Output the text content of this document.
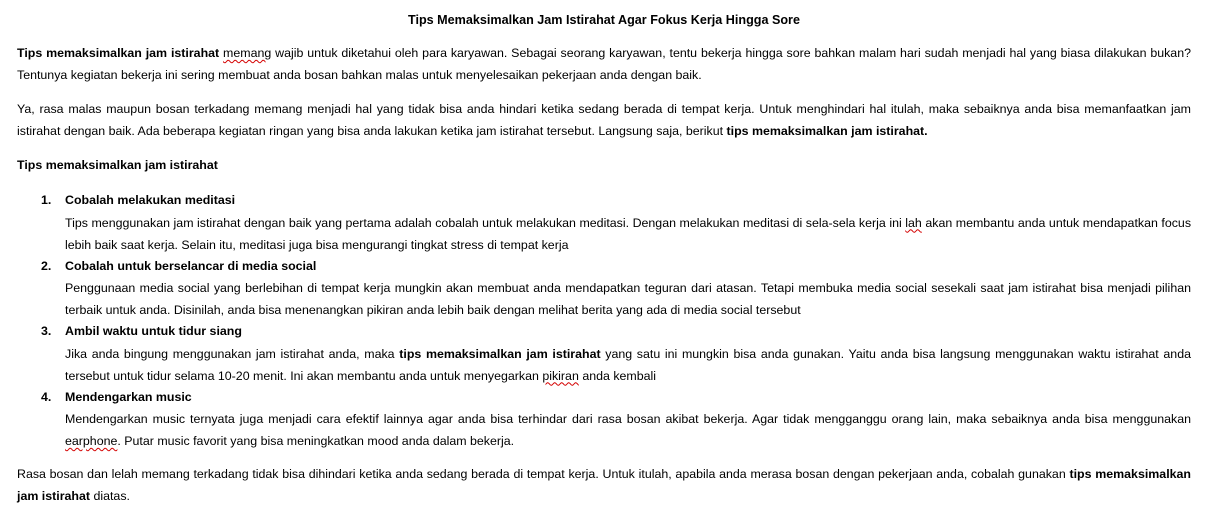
Tips Memaksimalkan Jam Istirahat Agar Fokus Kerja Hingga Sore

Tips memaksimalkan jam istirahat memang wajib untuk diketahui oleh para karyawan. Sebagai seorang karyawan, tentu bekerja hingga sore bahkan malam hari sudah menjadi hal yang biasa dilakukan bukan? Tentunya kegiatan bekerja ini sering membuat anda bosan bahkan malas untuk menyelesaikan pekerjaan anda dengan baik.

Ya, rasa malas maupun bosan terkadang memang menjadi hal yang tidak bisa anda hindari ketika sedang berada di tempat kerja. Untuk menghindari hal itulah, maka sebaiknya anda bisa memanfaatkan jam istirahat dengan baik. Ada beberapa kegiatan ringan yang bisa anda lakukan ketika jam istirahat tersebut. Langsung saja, berikut tips memaksimalkan jam istirahat.

Tips memaksimalkan jam istirahat

1. Cobalah melakukan meditasi
Tips menggunakan jam istirahat dengan baik yang pertama adalah cobalah untuk melakukan meditasi. Dengan melakukan meditasi di sela-sela kerja ini lah akan membantu anda untuk mendapatkan focus lebih baik saat kerja. Selain itu, meditasi juga bisa mengurangi tingkat stress di tempat kerja
2. Cobalah untuk berselancar di media social
Penggunaan media social yang berlebihan di tempat kerja mungkin akan membuat anda mendapatkan teguran dari atasan. Tetapi membuka media social sesekali saat jam istirahat bisa menjadi pilihan terbaik untuk anda. Disinilah, anda bisa menenangkan pikiran anda lebih baik dengan melihat berita yang ada di media social tersebut
3. Ambil waktu untuk tidur siang
Jika anda bingung menggunakan jam istirahat anda, maka tips memaksimalkan jam istirahat yang satu ini mungkin bisa anda gunakan. Yaitu anda bisa langsung menggunakan waktu istirahat anda tersebut untuk tidur selama 10-20 menit. Ini akan membantu anda untuk menyegarkan pikiran anda kembali
4. Mendengarkan music
Mendengarkan music ternyata juga menjadi cara efektif lainnya agar anda bisa terhindar dari rasa bosan akibat bekerja. Agar tidak mengganggu orang lain, maka sebaiknya anda bisa menggunakan earphone. Putar music favorit yang bisa meningkatkan mood anda dalam bekerja.

Rasa bosan dan lelah memang terkadang tidak bisa dihindari ketika anda sedang berada di tempat kerja. Untuk itulah, apabila anda merasa bosan dengan pekerjaan anda, cobalah gunakan tips memaksimalkan jam istirahat diatas.
